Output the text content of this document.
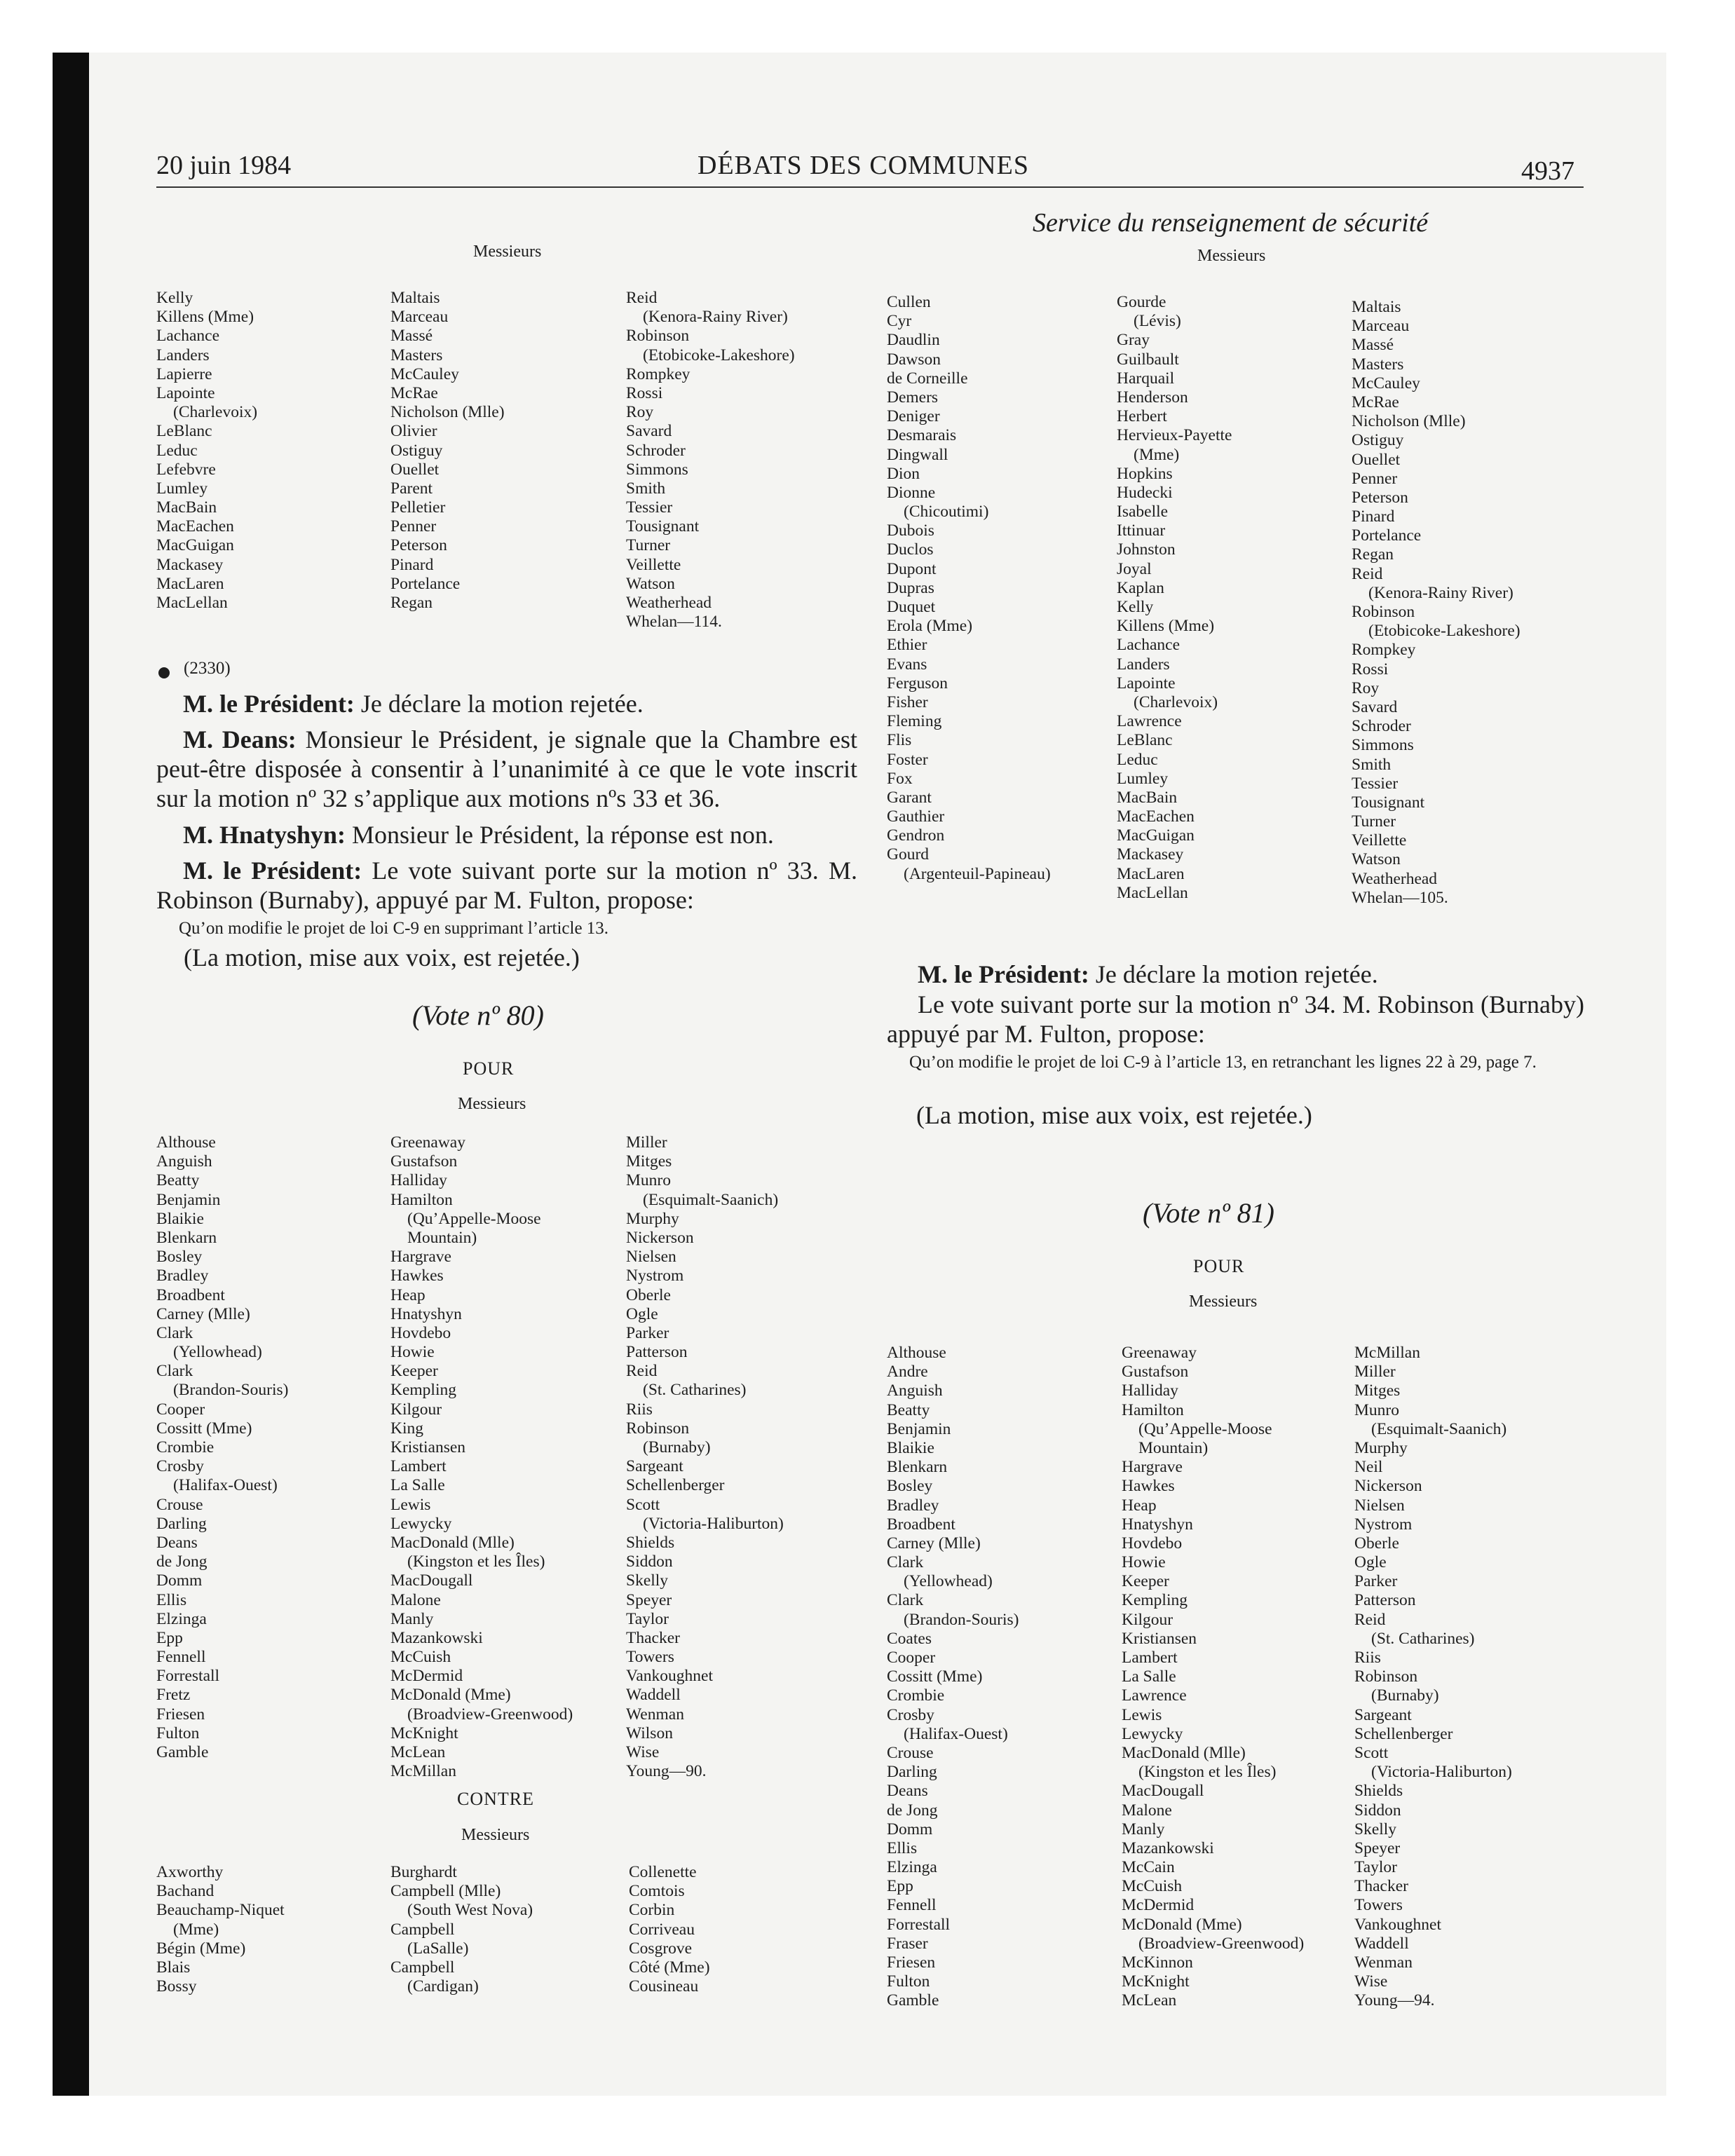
20 juin 1984	DÉBATS DES COMMUNES	4937
Messieurs
Kelly
Killens (Mme)
Lachance
Landers
Lapierre
Lapointe
(Charlevoix)
LeBlanc
Leduc
Lefebvre
Lumley
MacBain
MacEachen
MacGuigan
Mackasey
MacLaren
MacLellan
Maltais
Marceau
Massé
Masters
McCauley
McRae
Nicholson (Mlle)
Olivier
Ostiguy
Ouellet
Parent
Pelletier
Penner
Peterson
Pinard
Portelance
Regan
Reid
(Kenora-Rainy River)
Robinson
(Etobicoke-Lakeshore)
Rompkey
Rossi
Roy
Savard
Schroder
Simmons
Smith
Tessier
Tousignant
Turner
Veillette
Watson
Weatherhead
Whelan—114.
(2330)
M. le Président: Je déclare la motion rejetée.
M. Deans: Monsieur le Président, je signale que la Chambre est peut-être disposée à consentir à l’unanimité à ce que le vote inscrit sur la motion nº 32 s’applique aux motions nºs 33 et 36.
M. Hnatyshyn: Monsieur le Président, la réponse est non.
M. le Président: Le vote suivant porte sur la motion nº 33. M. Robinson (Burnaby), appuyé par M. Fulton, propose:
Qu’on modifie le projet de loi C-9 en supprimant l’article 13.
(La motion, mise aux voix, est rejetée.)
(Vote nº 80)
POUR
Messieurs
Althouse
Anguish
Beatty
Benjamin
Blaikie
Blenkarn
Bosley
Bradley
Broadbent
Carney (Mlle)
Clark
(Yellowhead)
Clark
(Brandon-Souris)
Cooper
Cossitt (Mme)
Crombie
Crosby
(Halifax-Ouest)
Crouse
Darling
Deans
de Jong
Domm
Ellis
Elzinga
Epp
Fennell
Forrestall
Fretz
Friesen
Fulton
Gamble
Greenaway
Gustafson
Halliday
Hamilton
(Qu’Appelle-Moose
Mountain)
Hargrave
Hawkes
Heap
Hnatyshyn
Hovdebo
Howie
Keeper
Kempling
Kilgour
King
Kristiansen
Lambert
La Salle
Lewis
Lewycky
MacDonald (Mlle)
(Kingston et les Îles)
MacDougall
Malone
Manly
Mazankowski
McCuish
McDermid
McDonald (Mme)
(Broadview-Greenwood)
McKnight
McLean
McMillan
Miller
Mitges
Munro
(Esquimalt-Saanich)
Murphy
Nickerson
Nielsen
Nystrom
Oberle
Ogle
Parker
Patterson
Reid
(St. Catharines)
Riis
Robinson
(Burnaby)
Sargeant
Schellenberger
Scott
(Victoria-Haliburton)
Shields
Siddon
Skelly
Speyer
Taylor
Thacker
Towers
Vankoughnet
Waddell
Wenman
Wilson
Wise
Young—90.
CONTRE
Messieurs
Axworthy
Bachand
Beauchamp-Niquet
(Mme)
Bégin (Mme)
Blais
Bossy
Burghardt
Campbell (Mlle)
(South West Nova)
Campbell
(LaSalle)
Campbell
(Cardigan)
Collenette
Comtois
Corbin
Corriveau
Cosgrove
Côté (Mme)
Cousineau
Service du renseignement de sécurité
Messieurs
Cullen
Cyr
Daudlin
Dawson
de Corneille
Demers
Deniger
Desmarais
Dingwall
Dion
Dionne
(Chicoutimi)
Dubois
Duclos
Dupont
Dupras
Duquet
Erola (Mme)
Ethier
Evans
Ferguson
Fisher
Fleming
Flis
Foster
Fox
Garant
Gauthier
Gendron
Gourd
(Argenteuil-Papineau)
Gourde
(Lévis)
Gray
Guilbault
Harquail
Henderson
Herbert
Hervieux-Payette
(Mme)
Hopkins
Hudecki
Isabelle
Ittinuar
Johnston
Joyal
Kaplan
Kelly
Killens (Mme)
Lachance
Landers
Lapointe
(Charlevoix)
Lawrence
LeBlanc
Leduc
Lumley
MacBain
MacEachen
MacGuigan
Mackasey
MacLaren
MacLellan
Maltais
Marceau
Massé
Masters
McCauley
McRae
Nicholson (Mlle)
Ostiguy
Ouellet
Penner
Peterson
Pinard
Portelance
Regan
Reid
(Kenora-Rainy River)
Robinson
(Etobicoke-Lakeshore)
Rompkey
Rossi
Roy
Savard
Schroder
Simmons
Smith
Tessier
Tousignant
Turner
Veillette
Watson
Weatherhead
Whelan—105.
M. le Président: Je déclare la motion rejetée.
Le vote suivant porte sur la motion nº 34. M. Robinson (Burnaby) appuyé par M. Fulton, propose:
Qu’on modifie le projet de loi C-9 à l’article 13, en retranchant les lignes 22 à 29, page 7.
(La motion, mise aux voix, est rejetée.)
(Vote nº 81)
POUR
Messieurs
Althouse
Andre
Anguish
Beatty
Benjamin
Blaikie
Blenkarn
Bosley
Bradley
Broadbent
Carney (Mlle)
Clark
(Yellowhead)
Clark
(Brandon-Souris)
Coates
Cooper
Cossitt (Mme)
Crombie
Crosby
(Halifax-Ouest)
Crouse
Darling
Deans
de Jong
Domm
Ellis
Elzinga
Epp
Fennell
Forrestall
Fraser
Friesen
Fulton
Gamble
Greenaway
Gustafson
Halliday
Hamilton
(Qu’Appelle-Moose
Mountain)
Hargrave
Hawkes
Heap
Hnatyshyn
Hovdebo
Howie
Keeper
Kempling
Kilgour
Kristiansen
Lambert
La Salle
Lawrence
Lewis
Lewycky
MacDonald (Mlle)
(Kingston et les Îles)
MacDougall
Malone
Manly
Mazankowski
McCain
McCuish
McDermid
McDonald (Mme)
(Broadview-Greenwood)
McKinnon
McKnight
McLean
McMillan
Miller
Mitges
Munro
(Esquimalt-Saanich)
Murphy
Neil
Nickerson
Nielsen
Nystrom
Oberle
Ogle
Parker
Patterson
Reid
(St. Catharines)
Riis
Robinson
(Burnaby)
Sargeant
Schellenberger
Scott
(Victoria-Haliburton)
Shields
Siddon
Skelly
Speyer
Taylor
Thacker
Towers
Vankoughnet
Waddell
Wenman
Wise
Young—94.
